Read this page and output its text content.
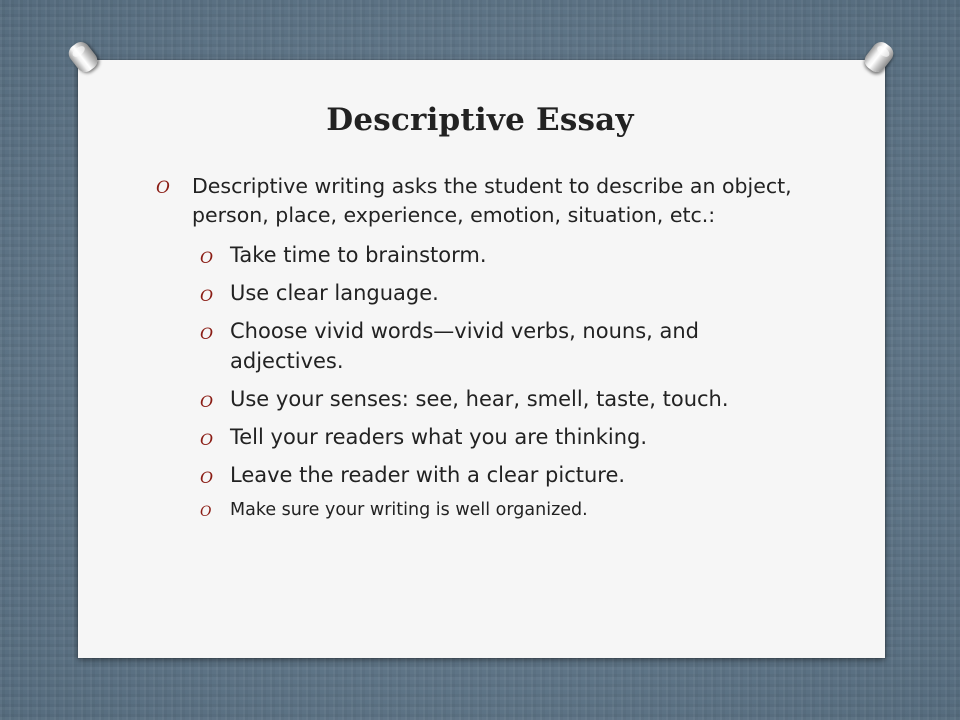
Descriptive Essay
O Descriptive writing asks the student to describe an object, person, place, experience, emotion, situation, etc.:
O Take time to brainstorm.
O Use clear language.
O Choose vivid words—vivid verbs, nouns, and adjectives.
O Use your senses: see, hear, smell, taste, touch.
O Tell your readers what you are thinking.
O Leave the reader with a clear picture.
O Make sure your writing is well organized.
